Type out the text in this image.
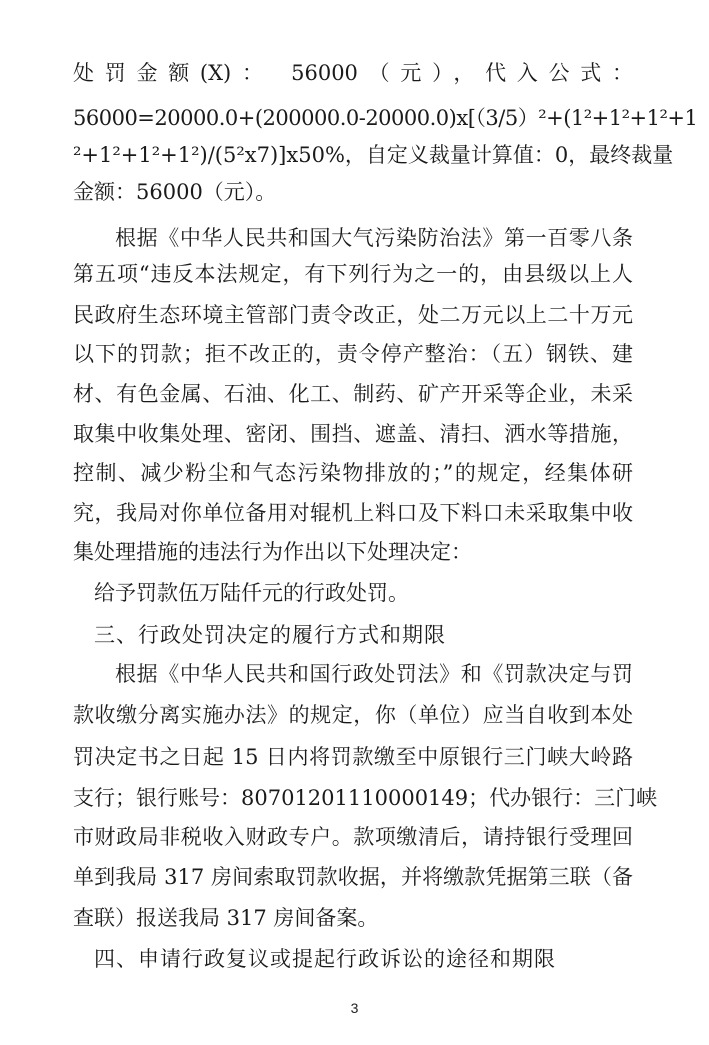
处罚金额(X)： 56000（元），代入公式：
56000=20000.0+(200000.0-20000.0)x[（3/5）²+(1²+1²+1²+1
²+1²+1²+1²)/(5²x7)]x50%，自定义裁量计算值：0，最终裁量
金额：56000（元）。
根据《中华人民共和国大气污染防治法》第一百零八条
第五项“违反本法规定，有下列行为之一的，由县级以上人
民政府生态环境主管部门责令改正，处二万元以上二十万元
以下的罚款；拒不改正的，责令停产整治：（五）钢铁、建
材、有色金属、石油、化工、制药、矿产开采等企业，未采
取集中收集处理、密闭、围挡、遮盖、清扫、洒水等措施，
控制、减少粉尘和气态污染物排放的；”的规定，经集体研
究，我局对你单位备用对辊机上料口及下料口未采取集中收
集处理措施的违法行为作出以下处理决定：
给予罚款伍万陆仟元的行政处罚。
三、行政处罚决定的履行方式和期限
根据《中华人民共和国行政处罚法》和《罚款决定与罚
款收缴分离实施办法》的规定，你（单位）应当自收到本处
罚决定书之日起 15 日内将罚款缴至中原银行三门峡大岭路
支行；银行账号：80701201110000149；代办银行：三门峡
市财政局非税收入财政专户。款项缴清后，请持银行受理回
单到我局 317 房间索取罚款收据，并将缴款凭据第三联（备
查联）报送我局 317 房间备案。
四、申请行政复议或提起行政诉讼的途径和期限
3
